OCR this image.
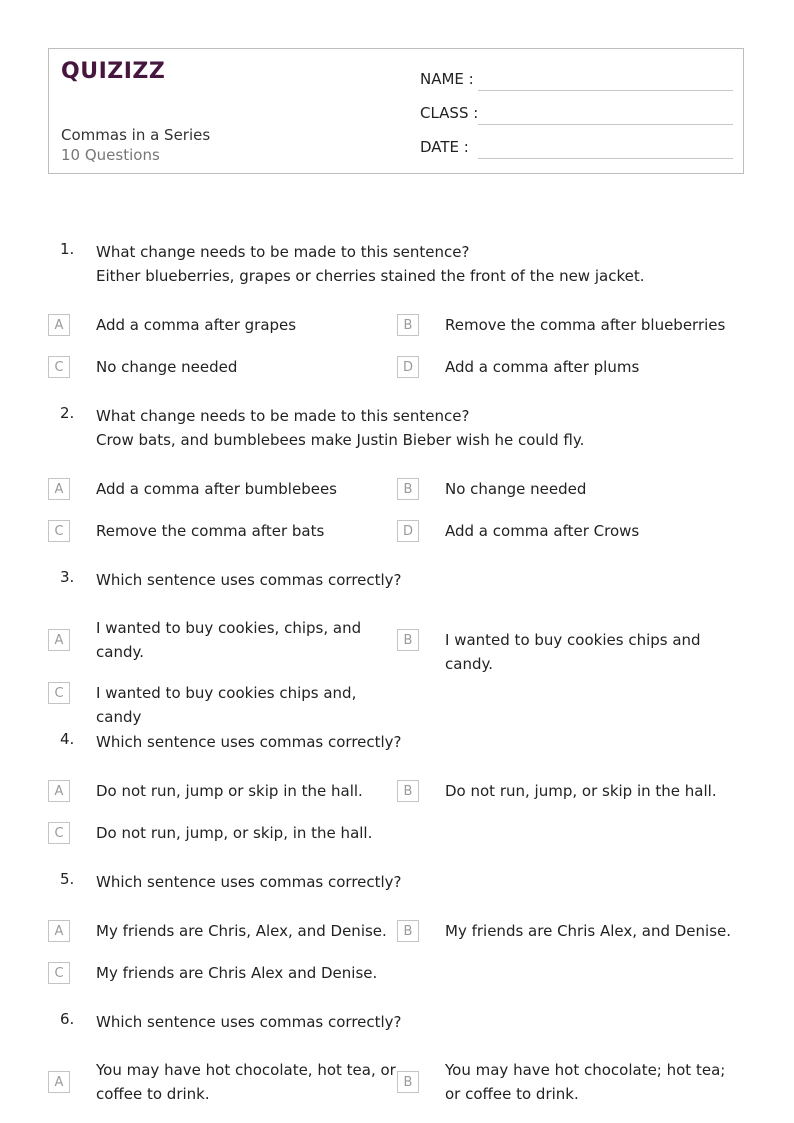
QUIZIZZ
Commas in a Series
10 Questions
NAME :
CLASS :
DATE :
1. What change needs to be made to this sentence?
Either blueberries, grapes or cherries stained the front of the new jacket.
A	Add a comma after grapes	B	Remove the comma after blueberries
C	No change needed	D	Add a comma after plums
2. What change needs to be made to this sentence?
Crow bats, and bumblebees make Justin Bieber wish he could fly.
A	Add a comma after bumblebees	B	No change needed
C	Remove the comma after bats	D	Add a comma after Crows
3. Which sentence uses commas correctly?
A
I wanted to buy cookies, chips, and candy.
B	I wanted to buy cookies chips and candy.
C	I wanted to buy cookies chips and, candy
4. Which sentence uses commas correctly?
A	Do not run, jump or skip in the hall.	B	Do not run, jump, or skip in the hall.
C	Do not run, jump, or skip, in the hall.
5. Which sentence uses commas correctly?
A	My friends are Chris, Alex, and Denise.	B	My friends are Chris Alex, and Denise.
C	My friends are Chris Alex and Denise.
6. Which sentence uses commas correctly?
A
You may have hot chocolate, hot tea, or coffee to drink.
B
You may have hot chocolate; hot tea; or coffee to drink.
